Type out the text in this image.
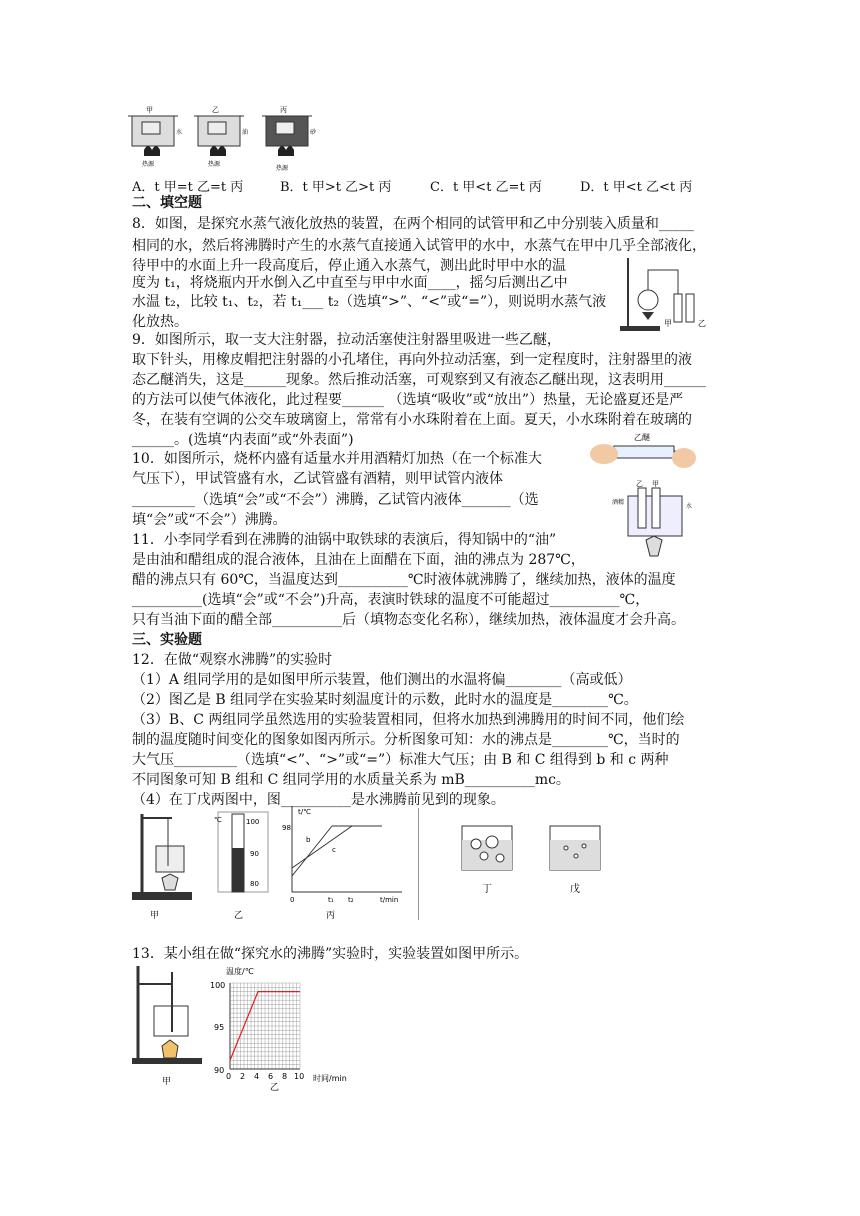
甲
水
热源
乙
油
热源
丙
砂
热源
A．t 甲=t 乙=t 丙	B．t 甲>t 乙>t 丙	C．t 甲<t 乙=t 丙	D．t 甲<t 乙<t 丙
二、填空题
8．如图，是探究水蒸气液化放热的装置，在两个相同的试管甲和乙中分别装入质量和_____
相同的水，然后将沸腾时产生的水蒸气直接通入试管甲的水中，水蒸气在甲中几乎全部液化，
待甲中的水面上升一段高度后，停止通入水蒸气，测出此时甲中水的温
度为 t₁，将烧瓶内开水倒入乙中直至与甲中水面____，摇匀后测出乙中
水温 t₂，比较 t₁、t₂，若 t₁___ t₂（选填“>”、“<”或“=”），则说明水蒸气液
化放热。	甲	乙
9．如图所示，取一支大注射器，拉动活塞使注射器里吸进一些乙醚，
取下针头，用橡皮帽把注射器的小孔堵住，再向外拉动活塞，到一定程度时，注射器里的液
态乙醚消失，这是______现象。然后推动活塞，可观察到又有液态乙醚出现，这表明用______
的方法可以使气体液化，此过程要______ （选填“吸收”或“放出”）热量，无论盛夏还是严
冬，在装有空调的公交车玻璃窗上，常常有小水珠附着在上面。夏天，小水珠附着在玻璃的
______。(选填“内表面”或“外表面”)	乙醚
10．如图所示，烧杯内盛有适量水并用酒精灯加热（在一个标准大
气压下），甲试管盛有水，乙试管盛有酒精，则甲试管内液体
_________（选填“会”或“不会”）沸腾，乙试管内液体_______（选
填“会”或“不会”）沸腾。
乙 甲
酒精
水
11．小李同学看到在沸腾的油锅中取铁球的表演后，得知锅中的“油”
是由油和醋组成的混合液体，且油在上面醋在下面，油的沸点为 287℃，
醋的沸点只有 60℃，当温度达到__________℃时液体就沸腾了，继续加热，液体的温度
__________(选填“会”或“不会”)升高，表演时铁球的温度不可能超过__________℃，
只有当油下面的醋全部__________后（填物态变化名称），继续加热，液体温度才会升高。
三、实验题
12．在做“观察水沸腾”的实验时
（1）A 组同学用的是如图甲所示装置，他们测出的水温将偏________（高或低）
（2）图乙是 B 组同学在实验某时刻温度计的示数，此时水的温度是________℃。
（3）B、C 两组同学虽然选用的实验装置相同，但将水加热到沸腾用的时间不同，他们绘
制的温度随时间变化的图象如图丙所示。分析图象可知：水的沸点是________℃，当时的
大气压_________（选填“<”、“>”或“=”）标准大气压；由 B 和 C 组得到 b 和 c 两种
不同图象可知 B 组和 C 组同学用的水质量关系为 mB__________mc。
（4）在丁戊两图中，图__________是水沸腾前见到的现象。
甲
100
90
80
℃
乙
t/℃
98
b
c
0	t₁ t₂	t/min
丙
丁	戊
13．某小组在做“探究水的沸腾”实验时，实验装置如图甲所示。
甲
温度/℃
时间/min
100
95
90
0 2 4 6 8 10
乙
